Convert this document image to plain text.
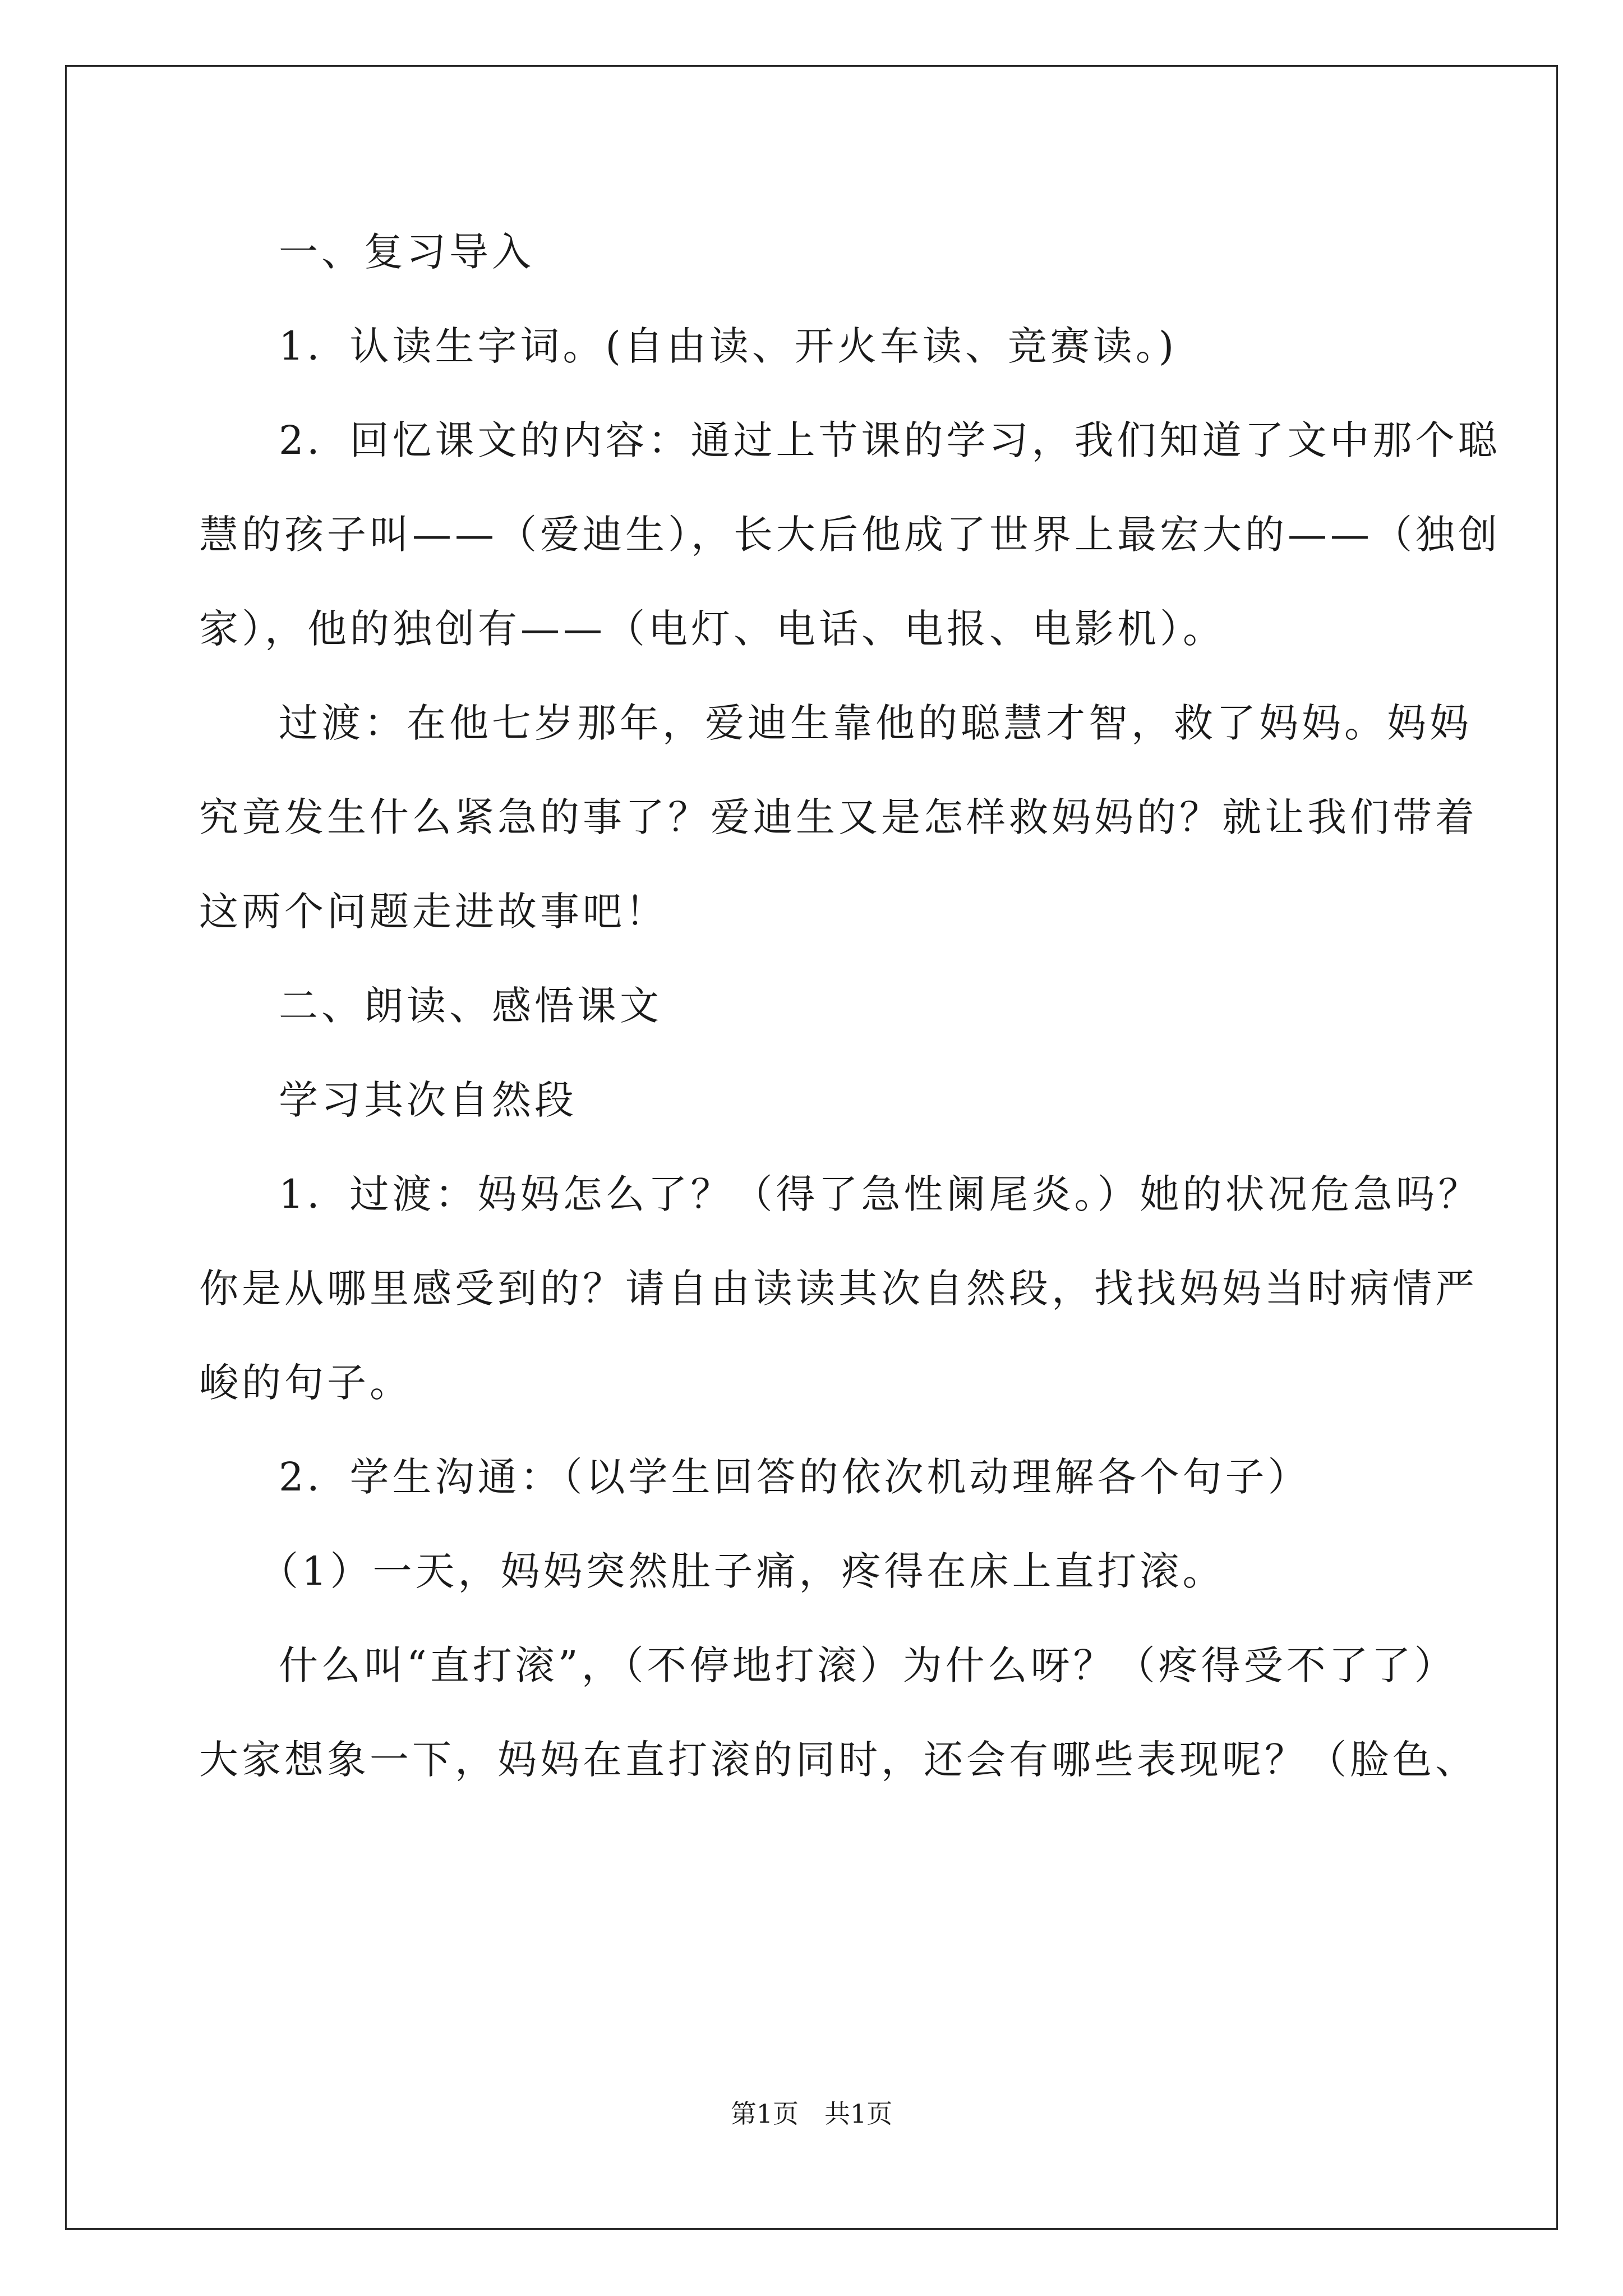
一、复习导入
1．认读生字词。(自由读、开火车读、竞赛读。)
2．回忆课文的内容：通过上节课的学习，我们知道了文中那个聪
慧的孩子叫——（爱迪生），长大后他成了世界上最宏大的——（独创
家），他的独创有——（电灯、电话、电报、电影机）。
过渡：在他七岁那年，爱迪生靠他的聪慧才智，救了妈妈。妈妈
究竟发生什么紧急的事了？爱迪生又是怎样救妈妈的？就让我们带着
这两个问题走进故事吧！
二、朗读、感悟课文
学习其次自然段
1．过渡：妈妈怎么了？（得了急性阑尾炎。）她的状况危急吗？
你是从哪里感受到的？请自由读读其次自然段，找找妈妈当时病情严
峻的句子。
2．学生沟通：（以学生回答的依次机动理解各个句子）
（1）一天，妈妈突然肚子痛，疼得在床上直打滚。
什么叫“直打滚”，（不停地打滚）为什么呀？（疼得受不了了）
大家想象一下，妈妈在直打滚的同时，还会有哪些表现呢？（脸色、
第1页　共1页
